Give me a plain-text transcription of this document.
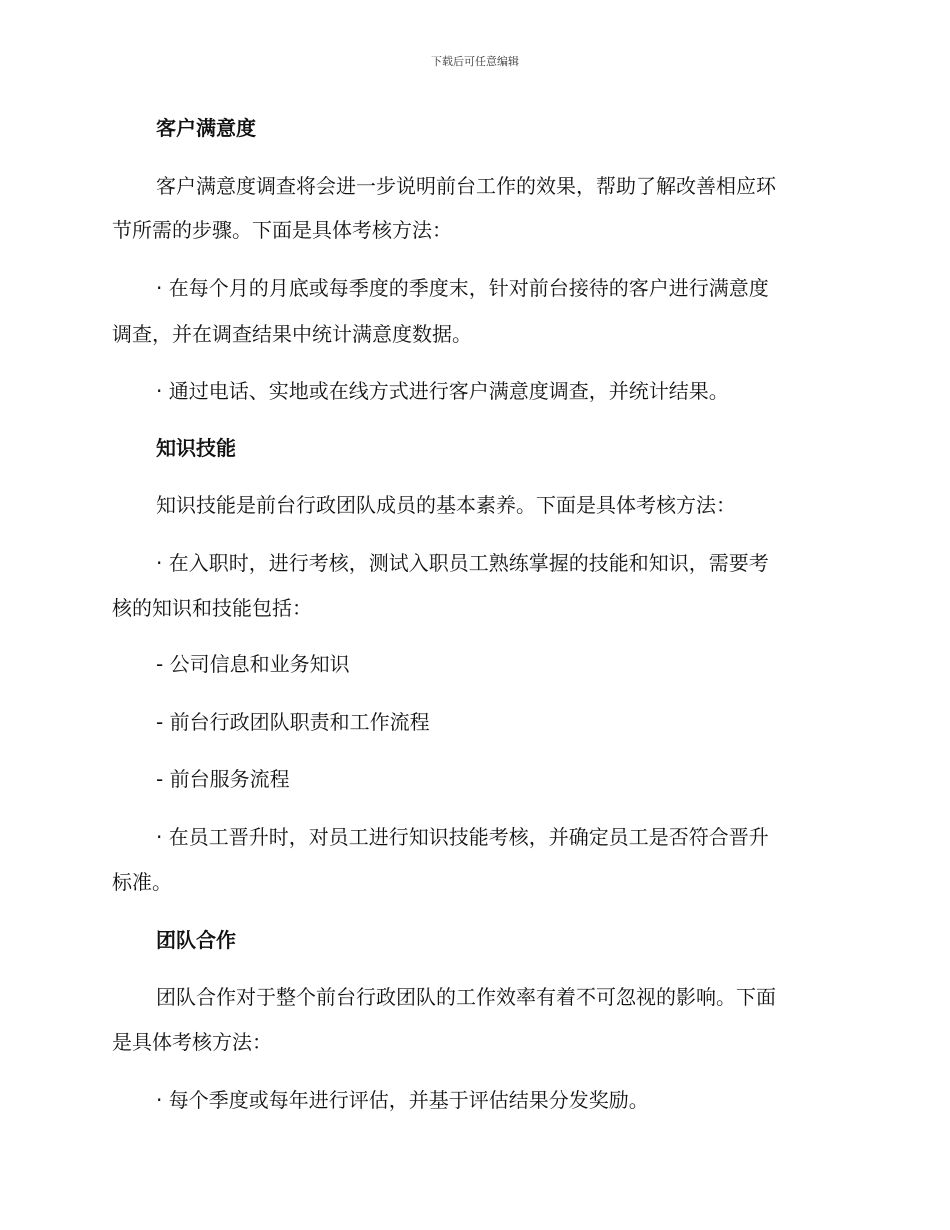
下载后可任意编辑
客户满意度
客户满意度调查将会进一步说明前台工作的效果，帮助了解改善相应环
节所需的步骤。下面是具体考核方法：
· 在每个月的月底或每季度的季度末，针对前台接待的客户进行满意度
调查，并在调查结果中统计满意度数据。
· 通过电话、实地或在线方式进行客户满意度调查，并统计结果。
知识技能
知识技能是前台行政团队成员的基本素养。下面是具体考核方法：
· 在入职时，进行考核，测试入职员工熟练掌握的技能和知识，需要考
核的知识和技能包括：
- 公司信息和业务知识
- 前台行政团队职责和工作流程
- 前台服务流程
· 在员工晋升时，对员工进行知识技能考核，并确定员工是否符合晋升
标准。
团队合作
团队合作对于整个前台行政团队的工作效率有着不可忽视的影响。下面
是具体考核方法：
· 每个季度或每年进行评估，并基于评估结果分发奖励。
